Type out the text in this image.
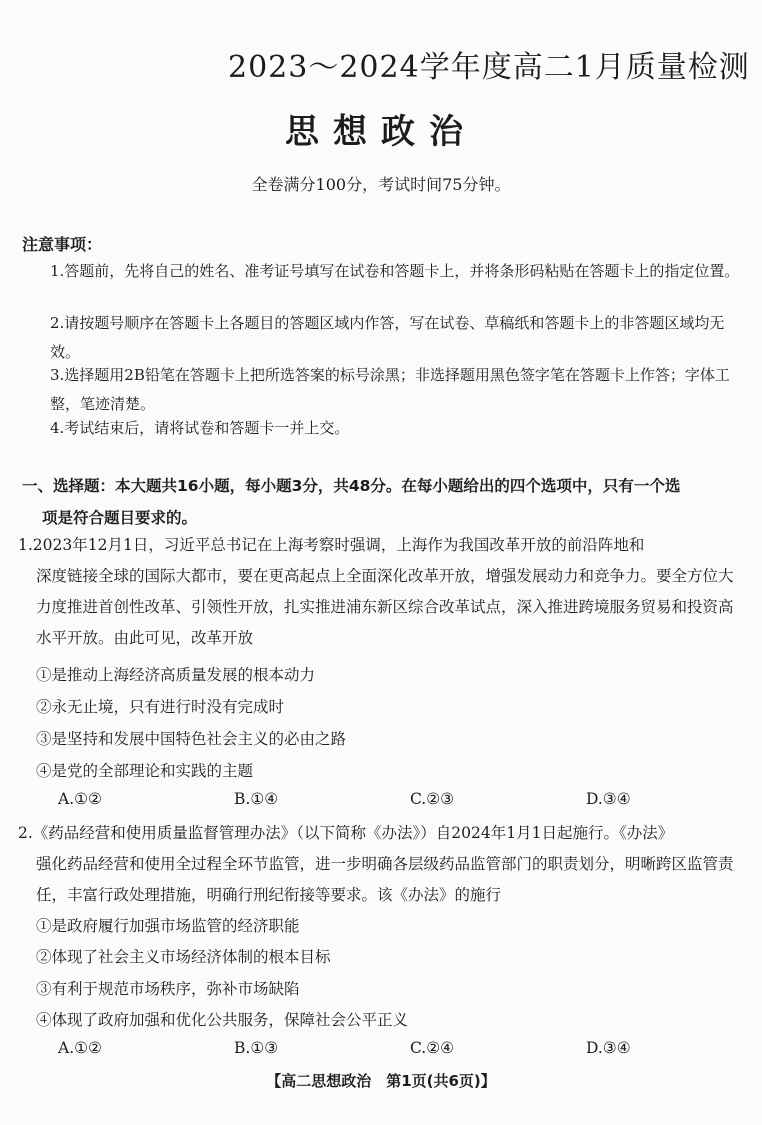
2023～2024学年度高二1月质量检测
思想政治
全卷满分100分，考试时间75分钟。
注意事项：
1.答题前，先将自己的姓名、准考证号填写在试卷和答题卡上，并将条形码粘贴在答题卡上的指定位置。
2.请按题号顺序在答题卡上各题目的答题区域内作答，写在试卷、草稿纸和答题卡上的非答题区域均无效。
3.选择题用2B铅笔在答题卡上把所选答案的标号涂黑；非选择题用黑色签字笔在答题卡上作答；字体工整，笔迹清楚。
4.考试结束后，请将试卷和答题卡一并上交。
一、选择题：本大题共16小题，每小题3分，共48分。在每小题给出的四个选项中，只有一个选
项是符合题目要求的。
1.2023年12月1日，习近平总书记在上海考察时强调，上海作为我国改革开放的前沿阵地和
深度链接全球的国际大都市，要在更高起点上全面深化改革开放，增强发展动力和竞争力。要全方位大力度推进首创性改革、引领性开放，扎实推进浦东新区综合改革试点，深入推进跨境服务贸易和投资高水平开放。由此可见，改革开放
①是推动上海经济高质量发展的根本动力
②永无止境，只有进行时没有完成时
③是坚持和发展中国特色社会主义的必由之路
④是党的全部理论和实践的主题
A.①②	B.①④	C.②③	D.③④
2.《药品经营和使用质量监督管理办法》（以下简称《办法》）自2024年1月1日起施行。《办法》
强化药品经营和使用全过程全环节监管，进一步明确各层级药品监管部门的职责划分，明晰跨区监管责任，丰富行政处理措施，明确行刑纪衔接等要求。该《办法》的施行
①是政府履行加强市场监管的经济职能
②体现了社会主义市场经济体制的根本目标
③有利于规范市场秩序，弥补市场缺陷
④体现了政府加强和优化公共服务，保障社会公平正义
A.①②	B.①③	C.②④	D.③④
【高二思想政治　第1页(共6页)】
